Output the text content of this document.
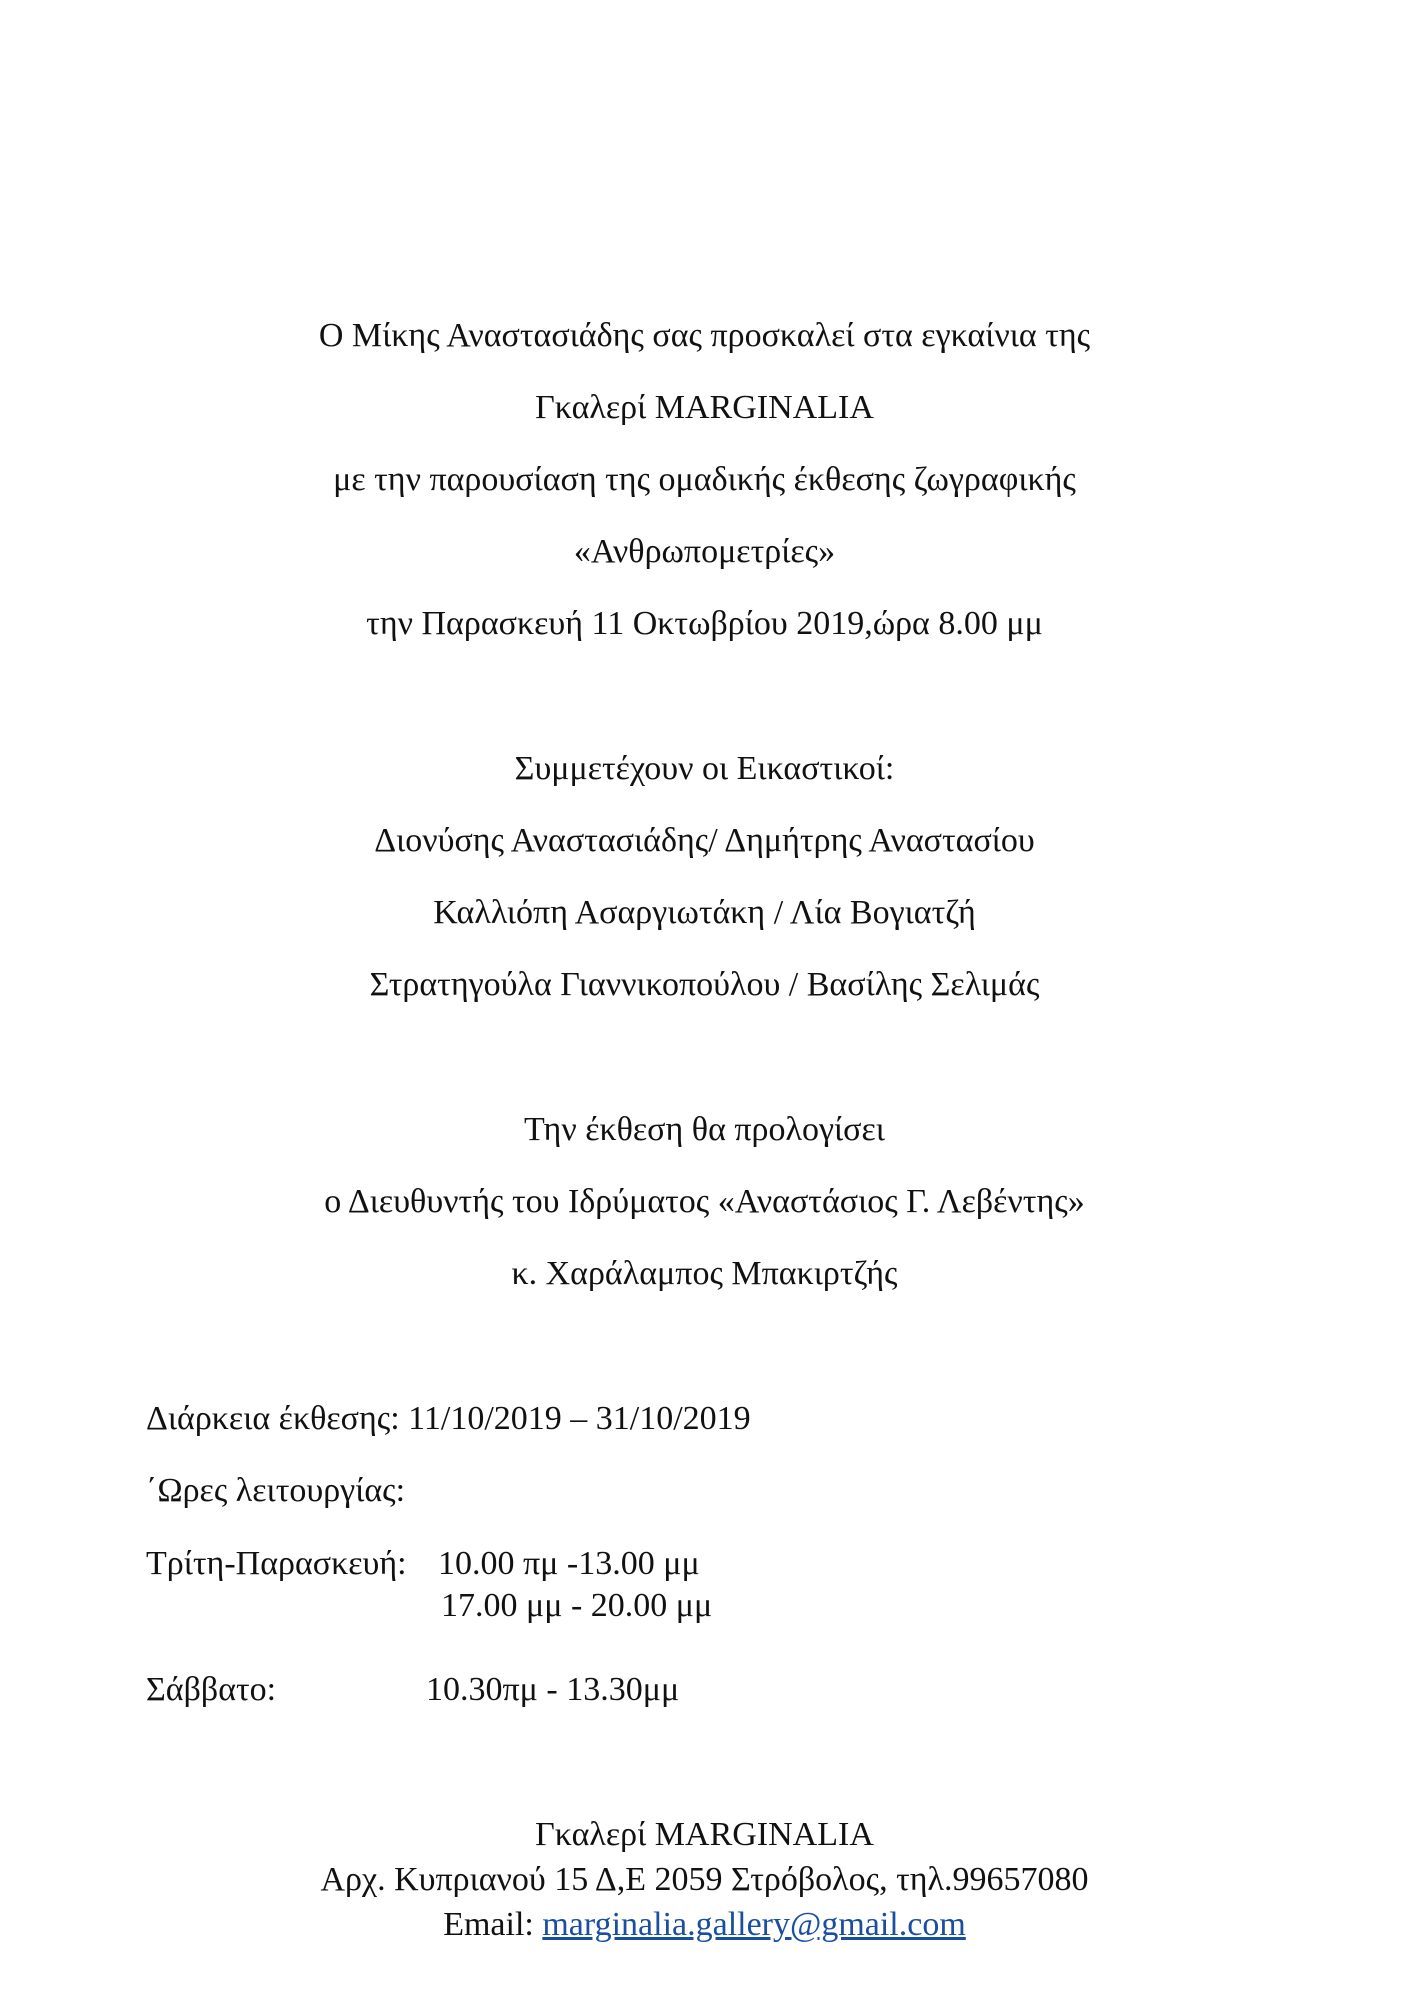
Ο Μίκης Αναστασιάδης σας προσκαλεί στα εγκαίνια της
Γκαλερί MARGINALIA
με την παρουσίαση της ομαδικής έκθεσης ζωγραφικής
«Ανθρωπομετρίες»
την Παρασκευή 11 Οκτωβρίου 2019,ώρα 8.00 μμ
Συμμετέχουν οι Εικαστικοί:
Διονύσης Αναστασιάδης/ Δημήτρης Αναστασίου
Καλλιόπη Ασαργιωτάκη / Λία Βογιατζή
Στρατηγούλα Γιαννικοπούλου / Βασίλης Σελιμάς
Την έκθεση θα προλογίσει
ο Διευθυντής του Ιδρύματος «Αναστάσιος Γ. Λεβέντης»
κ. Χαράλαμπος Μπακιρτζής
Διάρκεια έκθεσης: 11/10/2019 – 31/10/2019
΄Ωρες λειτουργίας:
Τρίτη-Παρασκευή: 10.00 πμ -13.00 μμ
17.00 μμ - 20.00 μμ
Σάββατο:	10.30πμ - 13.30μμ
Γκαλερί MARGINALIA
Αρχ. Κυπριανού 15 Δ,Ε 2059 Στρόβολος, τηλ.99657080
Email: marginalia.gallery@gmail.com
